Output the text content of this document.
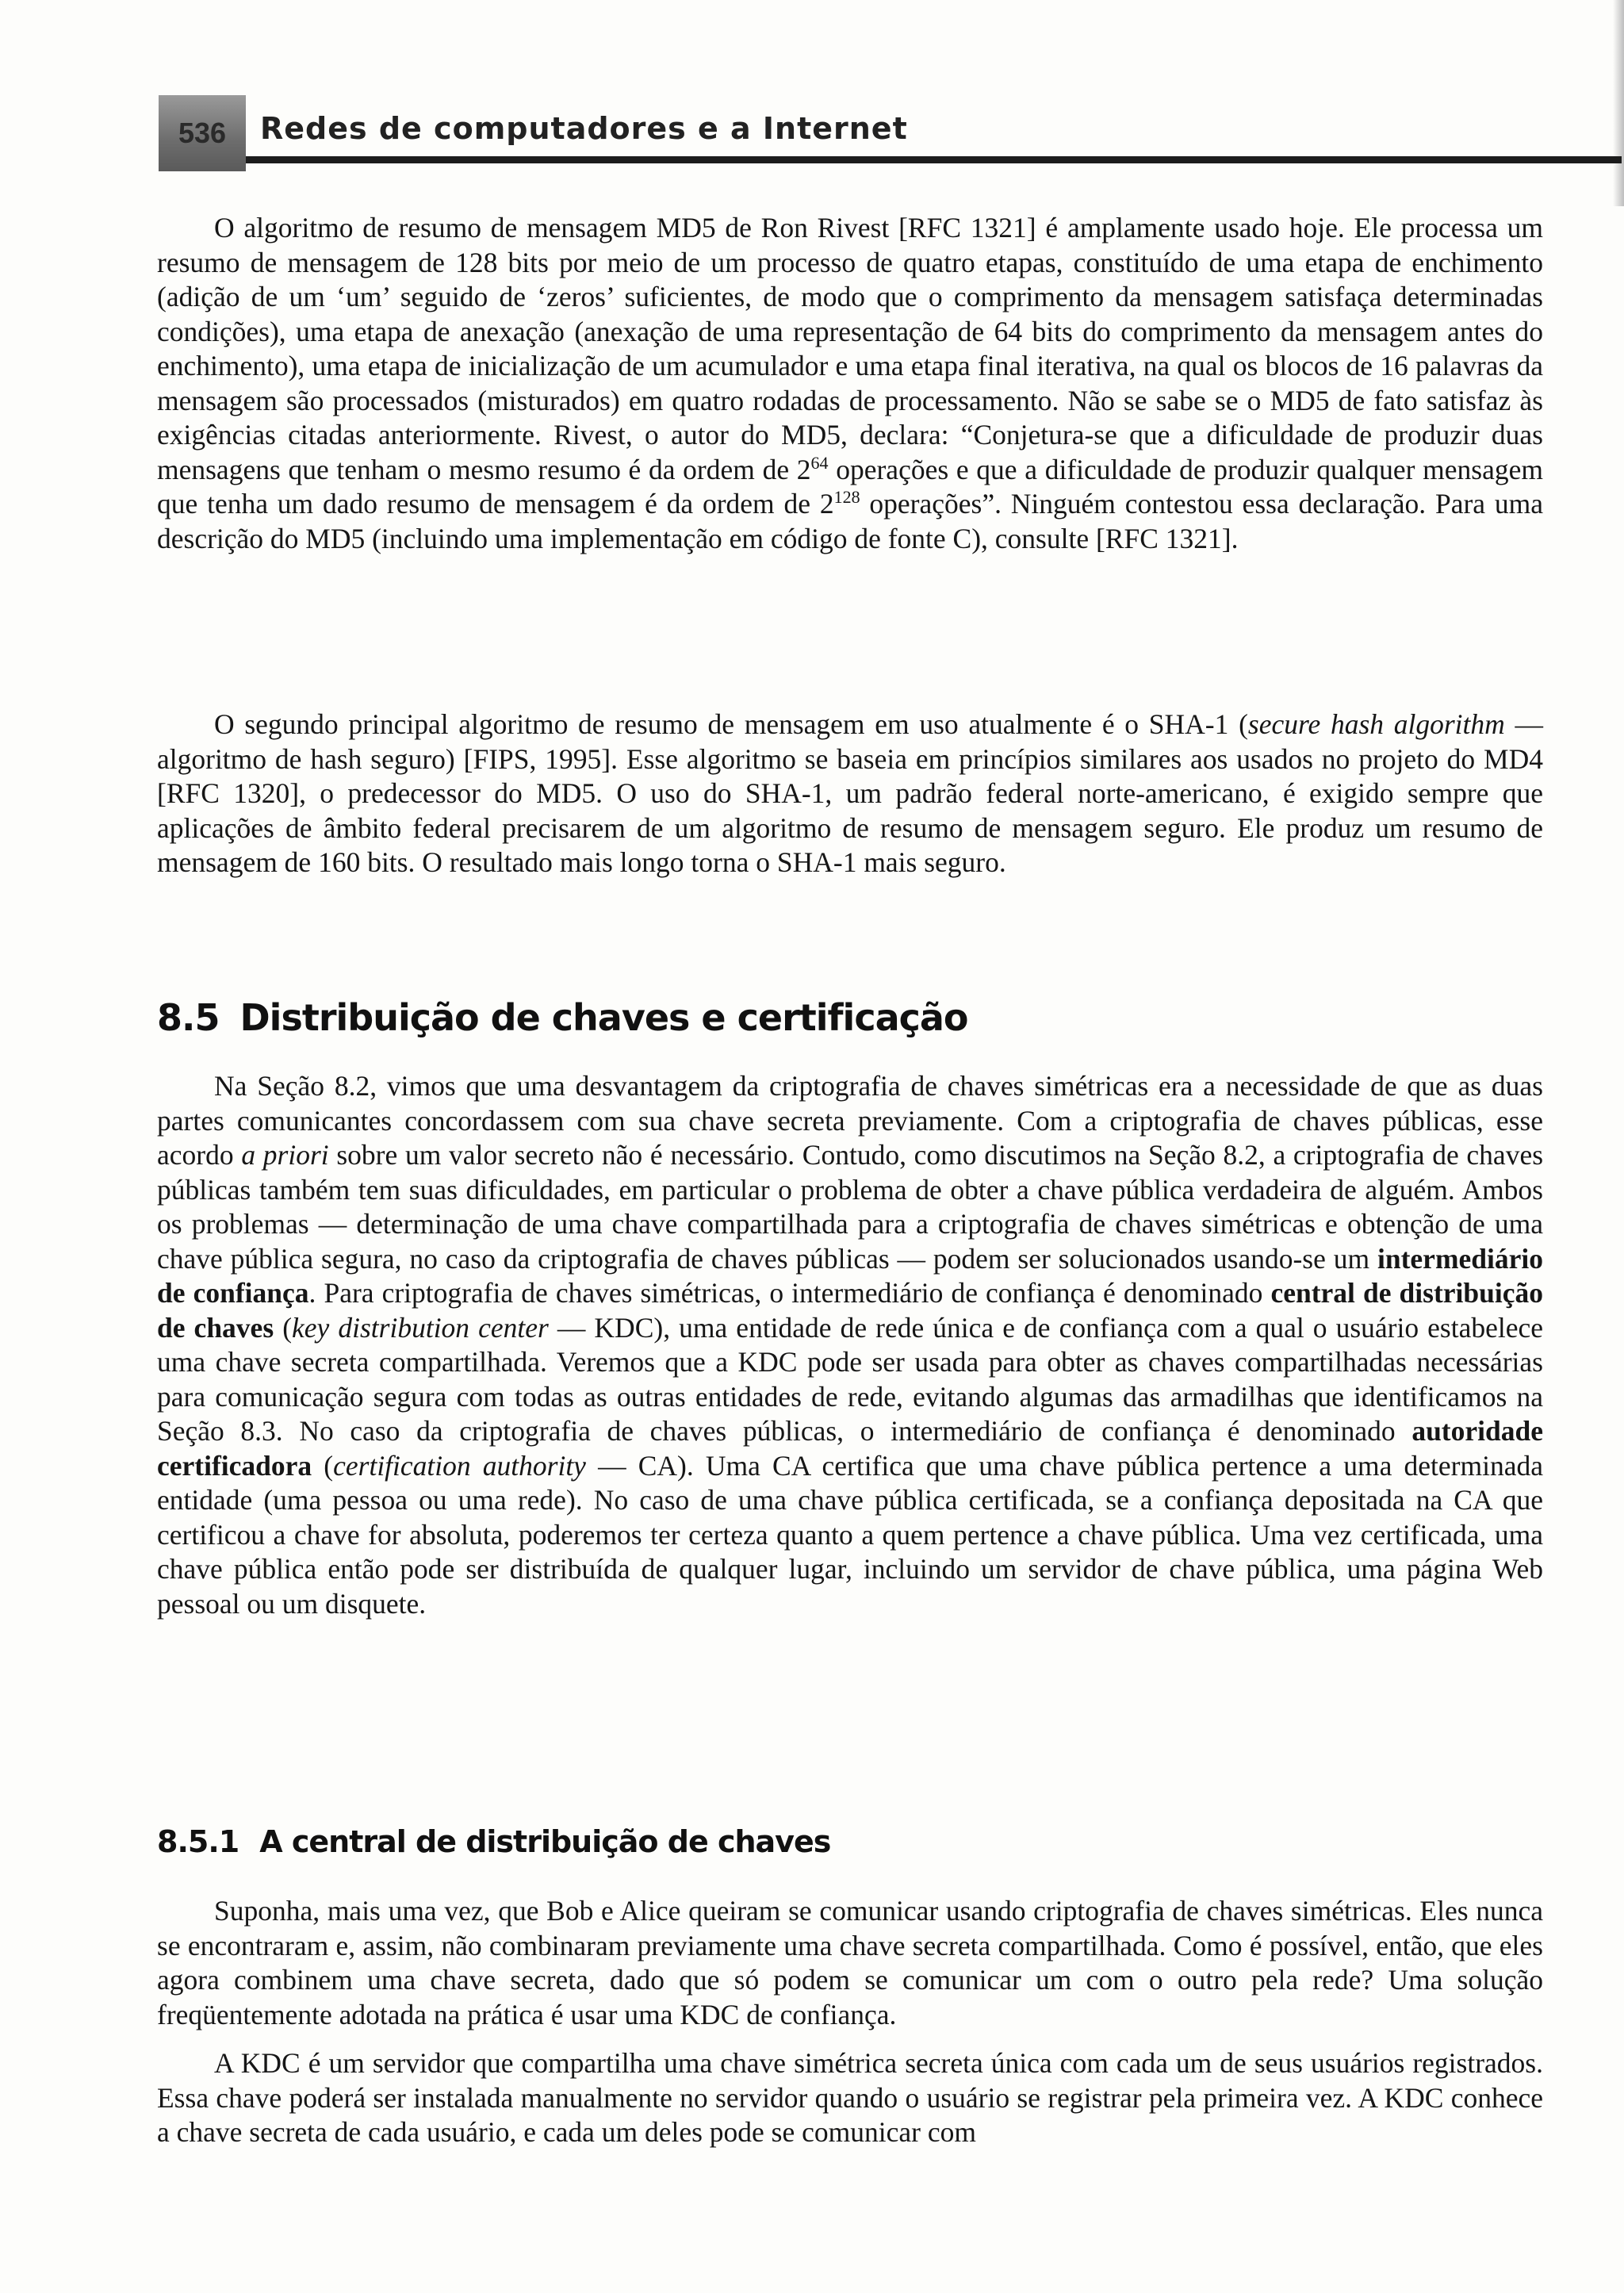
536 Redes de computadores e a Internet

O algoritmo de resumo de mensagem MD5 de Ron Rivest [RFC 1321] é amplamente usado hoje. Ele processa um resumo de mensagem de 128 bits por meio de um processo de quatro etapas, constituído de uma etapa de enchimento (adição de um ‘um’ seguido de ‘zeros’ suficientes, de modo que o comprimento da mensagem satisfaça determinadas condições), uma etapa de anexação (anexação de uma representação de 64 bits do comprimento da mensagem antes do enchimento), uma etapa de inicialização de um acumulador e uma etapa final iterativa, na qual os blocos de 16 palavras da mensagem são processados (misturados) em quatro rodadas de processamento. Não se sabe se o MD5 de fato satisfaz às exigências citadas anteriormente. Rivest, o autor do MD5, declara: “Conjetura-se que a dificuldade de produzir duas mensagens que tenham o mesmo resumo é da ordem de $2^{64}$ operações e que a dificuldade de produzir qualquer mensagem que tenha um dado resumo de mensagem é da ordem de $2^{128}$ operações”. Ninguém contestou essa declaração. Para uma descrição do MD5 (incluindo uma implementação em código de fonte C), consulte [RFC 1321].

O segundo principal algoritmo de resumo de mensagem em uso atualmente é o SHA-1 (secure hash algorithm — algoritmo de hash seguro) [FIPS, 1995]. Esse algoritmo se baseia em princípios similares aos usados no projeto do MD4 [RFC 1320], o predecessor do MD5. O uso do SHA-1, um padrão federal norte-americano, é exigido sempre que aplicações de âmbito federal precisarem de um algoritmo de resumo de mensagem seguro. Ele produz um resumo de mensagem de 160 bits. O resultado mais longo torna o SHA-1 mais seguro.

8.5 Distribuição de chaves e certificação

Na Seção 8.2, vimos que uma desvantagem da criptografia de chaves simétricas era a necessidade de que as duas partes comunicantes concordassem com sua chave secreta previamente. Com a criptografia de chaves públicas, esse acordo a priori sobre um valor secreto não é necessário. Contudo, como discutimos na Seção 8.2, a criptografia de chaves públicas também tem suas dificuldades, em particular o problema de obter a chave pública verdadeira de alguém. Ambos os problemas — determinação de uma chave compartilhada para a criptografia de chaves simétricas e obtenção de uma chave pública segura, no caso da criptografia de chaves públicas — podem ser solucionados usando-se um intermediário de confiança. Para criptografia de chaves simétricas, o intermediário de confiança é denominado central de distribuição de chaves (key distribution center — KDC), uma entidade de rede única e de confiança com a qual o usuário estabelece uma chave secreta compartilhada. Veremos que a KDC pode ser usada para obter as chaves compartilhadas necessárias para comunicação segura com todas as outras entidades de rede, evitando algumas das armadilhas que identificamos na Seção 8.3. No caso da criptografia de chaves públicas, o intermediário de confiança é denominado autoridade certificadora (certification authority — CA). Uma CA certifica que uma chave pública pertence a uma determinada entidade (uma pessoa ou uma rede). No caso de uma chave pública certificada, se a confiança depositada na CA que certificou a chave for absoluta, poderemos ter certeza quanto a quem pertence a chave pública. Uma vez certificada, uma chave pública então pode ser distribuída de qualquer lugar, incluindo um servidor de chave pública, uma página Web pessoal ou um disquete.

8.5.1 A central de distribuição de chaves

Suponha, mais uma vez, que Bob e Alice queiram se comunicar usando criptografia de chaves simétricas. Eles nunca se encontraram e, assim, não combinaram previamente uma chave secreta compartilhada. Como é possível, então, que eles agora combinem uma chave secreta, dado que só podem se comunicar um com o outro pela rede? Uma solução freqüentemente adotada na prática é usar uma KDC de confiança.

A KDC é um servidor que compartilha uma chave simétrica secreta única com cada um de seus usuários registrados. Essa chave poderá ser instalada manualmente no servidor quando o usuário se registrar pela primeira vez. A KDC conhece a chave secreta de cada usuário, e cada um deles pode se comunicar com
